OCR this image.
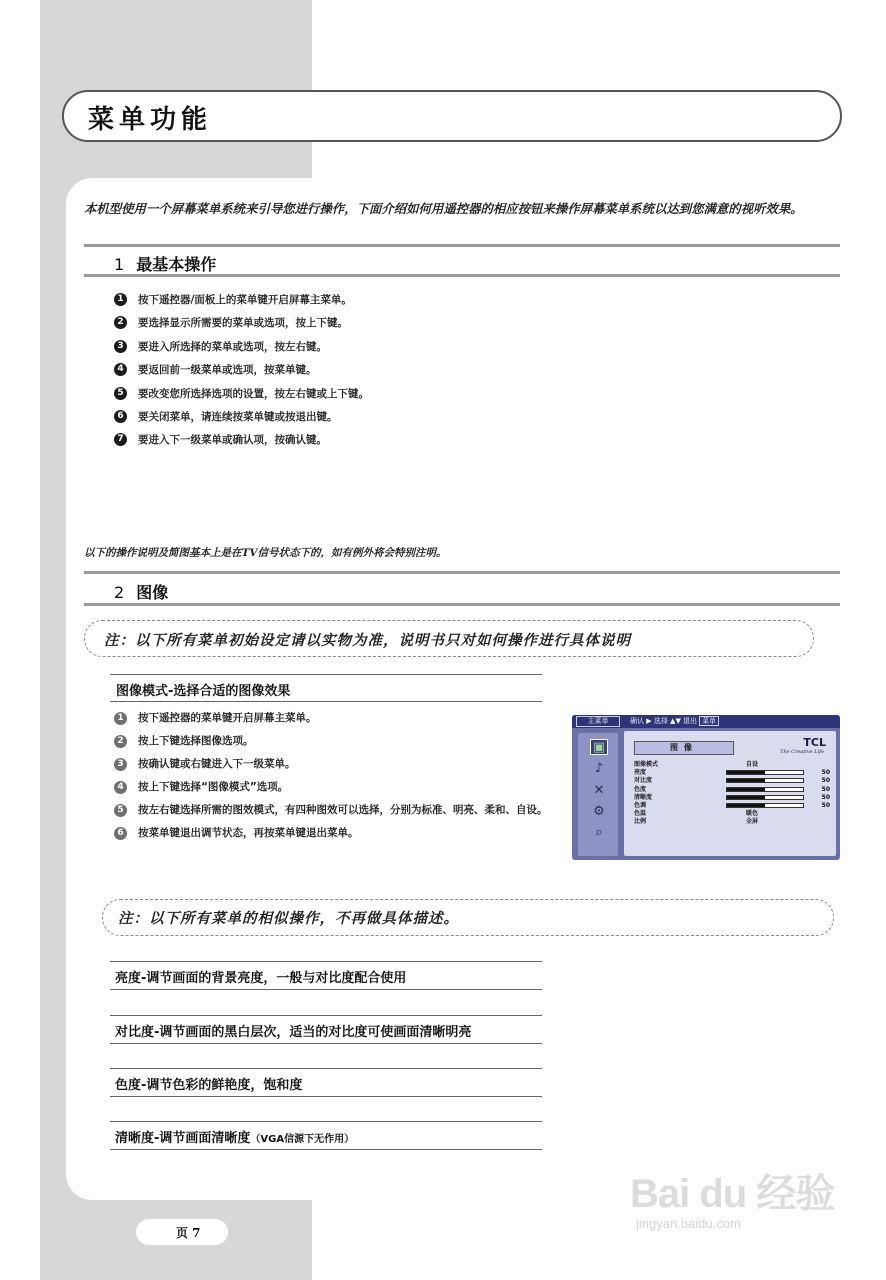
菜单功能
本机型使用一个屏幕菜单系统来引导您进行操作，下面介绍如何用遥控器的相应按钮来操作屏幕菜单系统以达到您满意的视听效果。
1 最基本操作
1	按下遥控器/面板上的菜单键开启屏幕主菜单。
2	要选择显示所需要的菜单或选项，按上下键。
3	要进入所选择的菜单或选项，按左右键。
4	要返回前一级菜单或选项，按菜单键。
5	要改变您所选择选项的设置，按左右键或上下键。
6	要关闭菜单，请连续按菜单键或按退出键。
7	要进入下一级菜单或确认项，按确认键。
以下的操作说明及简图基本上是在TV信号状态下的，如有例外将会特别注明。
2 图像
注：以下所有菜单初始设定请以实物为准，说明书只对如何操作进行具体说明
图像模式-选择合适的图像效果
1	按下遥控器的菜单键开启屏幕主菜单。
2	按上下键选择图像选项。
3	按确认键或右键进入下一级菜单。
4	按上下键选择“图像模式”选项。
5	按左右键选择所需的图效模式，有四种图效可以选择，分别为标准、明亮、柔和、自设。
6	按菜单键退出调节状态，再按菜单键退出菜单。
主菜单	确认 ▶ 选择 ▲▼ 退出 菜单
▣
♪
✕
⚙
⌕
图像	TCL
The Creative Life
图像模式	自设
亮度	50
对比度	50
色度	50
清晰度	50
色调	50
色温	暖色
比例	全屏
注：以下所有菜单的相似操作，不再做具体描述。
亮度-调节画面的背景亮度，一般与对比度配合使用
对比度-调节画面的黑白层次，适当的对比度可使画面清晰明亮
色度-调节色彩的鲜艳度，饱和度
清晰度-调节画面清晰度（VGA信源下无作用）
页 7
Bai du 经验
jingyan.baidu.com
